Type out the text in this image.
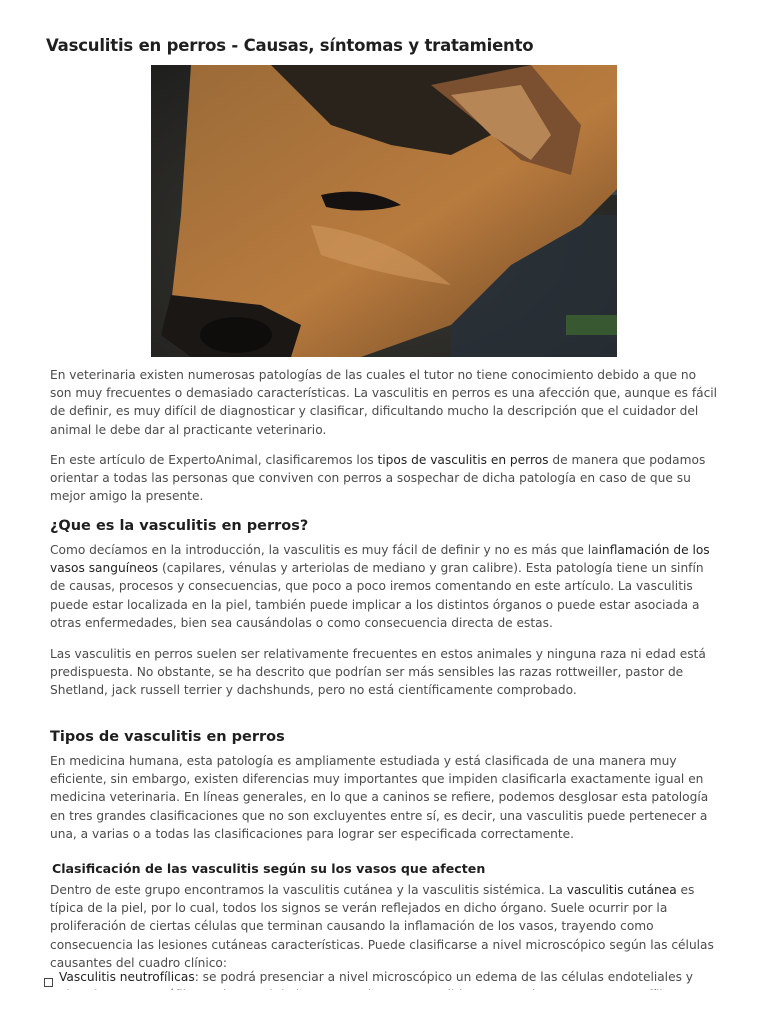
Vasculitis en perros - Causas, síntomas y tratamiento

En veterinaria existen numerosas patologías de las cuales el tutor no tiene conocimiento debido a que no son muy frecuentes o demasiado características. La vasculitis en perros es una afección que, aunque es fácil de definir, es muy difícil de diagnosticar y clasificar, dificultando mucho la descripción que el cuidador del animal le debe dar al practicante veterinario.

En este artículo de ExpertoAnimal, clasificaremos los tipos de vasculitis en perros de manera que podamos orientar a todas las personas que conviven con perros a sospechar de dicha patología en caso de que su mejor amigo la presente.

¿Que es la vasculitis en perros?

Como decíamos en la introducción, la vasculitis es muy fácil de definir y no es más que lainflamación de los vasos sanguíneos (capilares, vénulas y arteriolas de mediano y gran calibre). Esta patología tiene un sinfín de causas, procesos y consecuencias, que poco a poco iremos comentando en este artículo. La vasculitis puede estar localizada en la piel, también puede implicar a los distintos órganos o puede estar asociada a otras enfermedades, bien sea causándolas o como consecuencia directa de estas.

Las vasculitis en perros suelen ser relativamente frecuentes en estos animales y ninguna raza ni edad está predispuesta. No obstante, se ha descrito que podrían ser más sensibles las razas rottweiller, pastor de Shetland, jack russell terrier y dachshunds, pero no está científicamente comprobado.

Tipos de vasculitis en perros

En medicina humana, esta patología es ampliamente estudiada y está clasificada de una manera muy eficiente, sin embargo, existen diferencias muy importantes que impiden clasificarla exactamente igual en medicina veterinaria. En líneas generales, en lo que a caninos se refiere, podemos desglosar esta patología en tres grandes clasificaciones que no son excluyentes entre sí, es decir, una vasculitis puede pertenecer a una, a varias o a todas las clasificaciones para lograr ser especificada correctamente.

Clasificación de las vasculitis según su los vasos que afecten

Dentro de este grupo encontramos la vasculitis cutánea y la vasculitis sistémica. La vasculitis cutánea es típica de la piel, por lo cual, todos los signos se verán reflejados en dicho órgano. Suele ocurrir por la proliferación de ciertas células que terminan causando la inflamación de los vasos, trayendo como consecuencia las lesiones cutáneas características. Puede clasificarse a nivel microscópico según las células causantes del cuadro clínico:

Vasculitis neutrofílicas: se podrá presenciar a nivel microscópico un edema de las células endoteliales y
